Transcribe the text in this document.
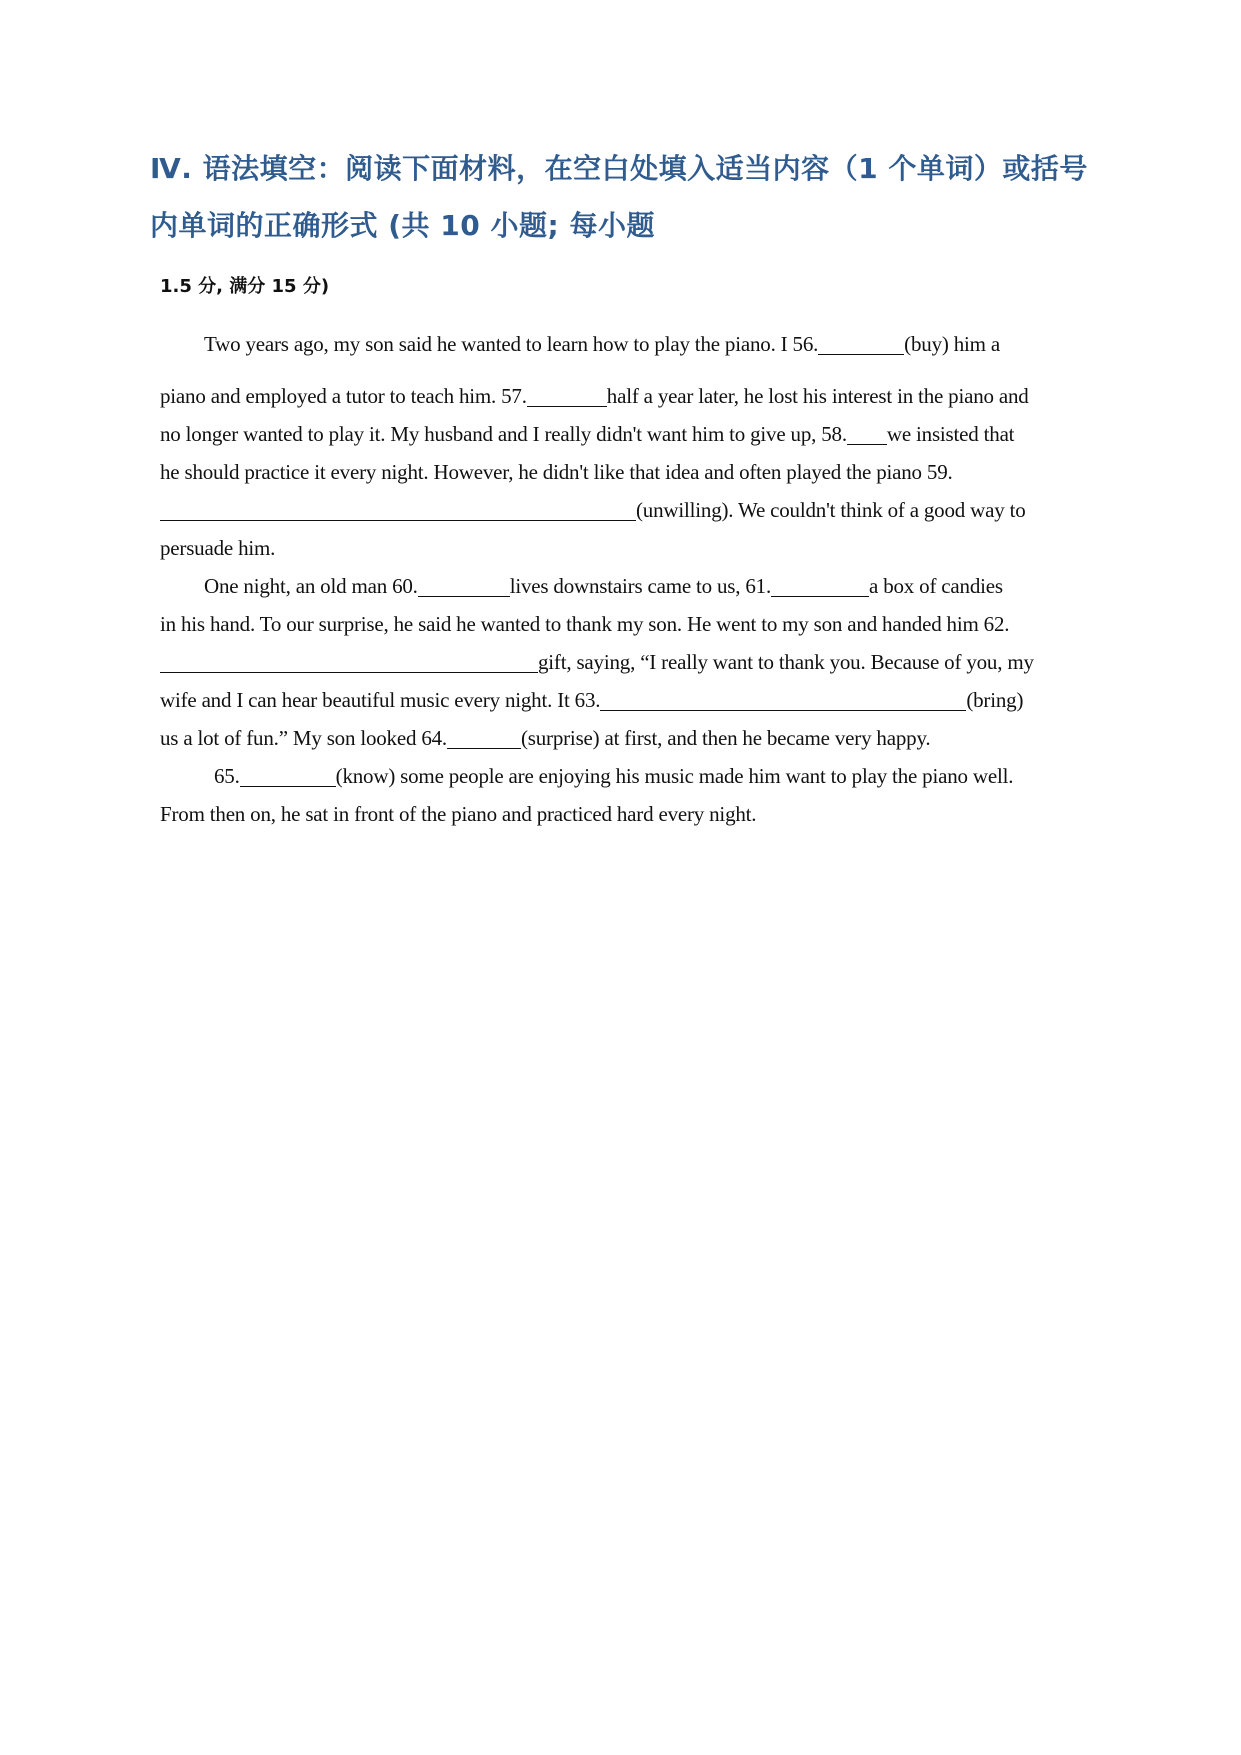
Ⅳ. 语法填空：阅读下面材料，在空白处填入适当内容（1 个单词）或括号
内单词的正确形式 (共 10 小题; 每小题
1.5 分, 满分 15 分)
Two years ago, my son said he wanted to learn how to play the piano. I 56.	(buy) him a
piano and employed a tutor to teach him. 57.	half a year later, he lost his interest in the piano and
no longer wanted to play it. My husband and I really didn't want him to give up, 58. we insisted that
he should practice it every night. However, he didn't like that idea and often played the piano 59.
(unwilling). We couldn't think of a good way to
persuade him.
One night, an old man 60.	lives downstairs came to us, 61.	a box of candies
in his hand. To our surprise, he said he wanted to thank my son. He went to my son and handed him 62.
gift, saying, “I really want to thank you. Because of you, my
wife and I can hear beautiful music every night. It 63.	(bring)
us a lot of fun.” My son looked 64.	(surprise) at first, and then he became very happy.
65.	(know) some people are enjoying his music made him want to play the piano well.
From then on, he sat in front of the piano and practiced hard every night.
